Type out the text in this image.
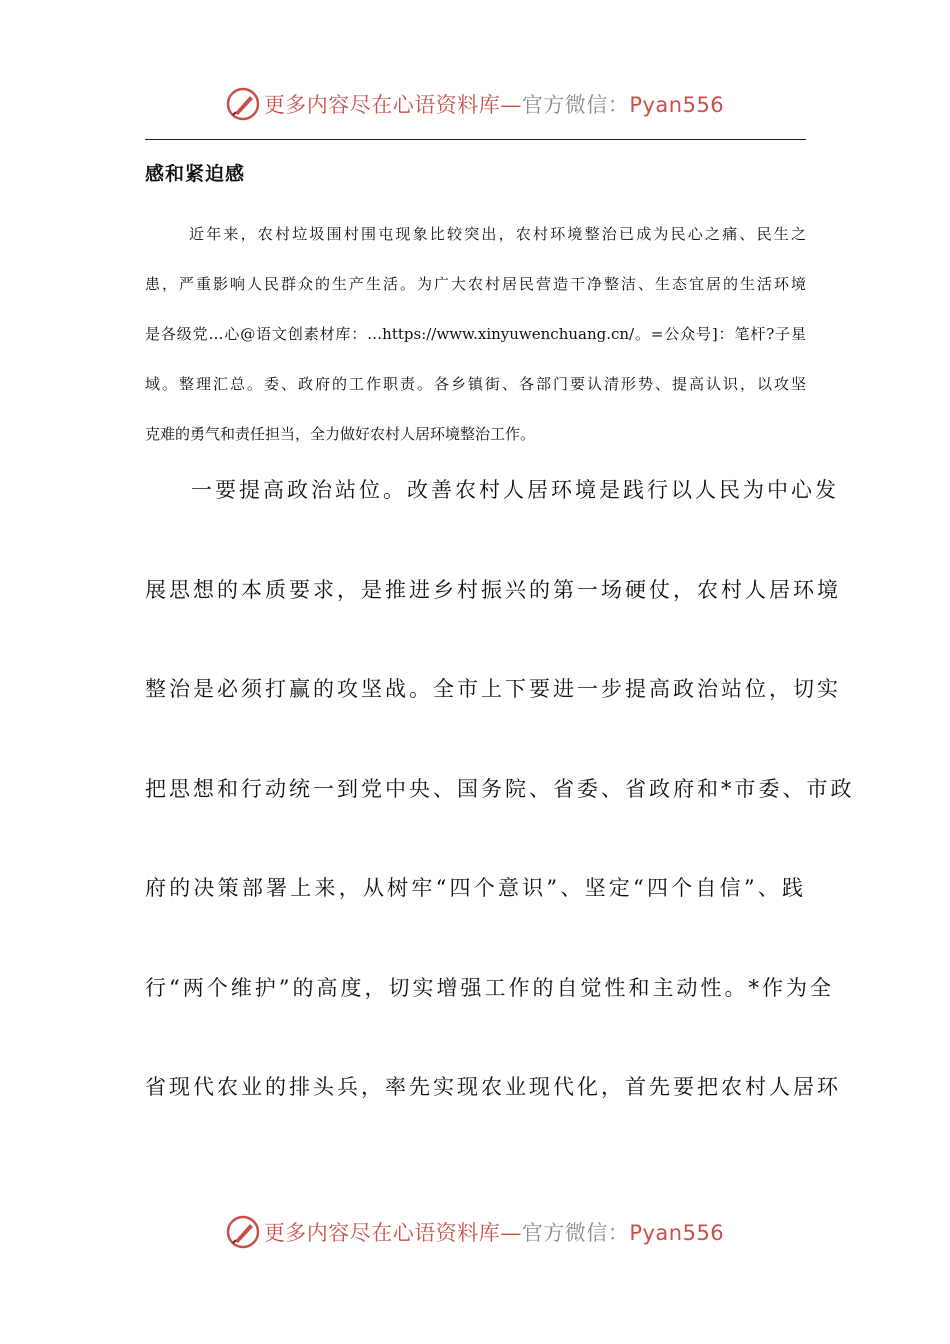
更多内容尽在心语资料库—官方微信：Pyan556
感和紧迫感
近年来，农村垃圾围村围屯现象比较突出，农村环境整治已成为民心之痛、民生之
患，严重影响人民群众的生产生活。为广大农村居民营造干净整洁、生态宜居的生活环境
是各级党…心@语文创素材库：…https://www.xinyuwenchuang.cn/。=公众号]：笔杆?子星
域。整理汇总。委、政府的工作职责。各乡镇街、各部门要认清形势、提高认识，以攻坚
克难的勇气和责任担当，全力做好农村人居环境整治工作。
一要提高政治站位。改善农村人居环境是践行以人民为中心发
展思想的本质要求，是推进乡村振兴的第一场硬仗，农村人居环境
整治是必须打赢的攻坚战。全市上下要进一步提高政治站位，切实
把思想和行动统一到党中央、国务院、省委、省政府和*市委、市政
府的决策部署上来，从树牢“四个意识”、坚定“四个自信”、践
行“两个维护”的高度，切实增强工作的自觉性和主动性。*作为全
省现代农业的排头兵，率先实现农业现代化，首先要把农村人居环
更多内容尽在心语资料库—官方微信：Pyan556
